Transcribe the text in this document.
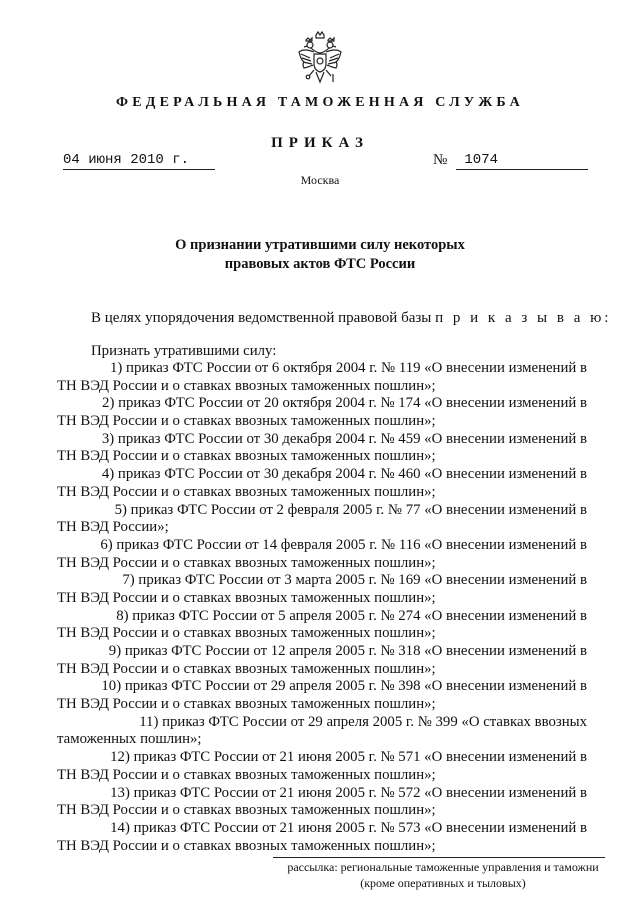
ФЕДЕРАЛЬНАЯ ТАМОЖЕННАЯ СЛУЖБА
ПРИКАЗ
04 июня 2010 г.	№	1074
Москва
О признании утратившими силу некоторых
правовых актов ФТС России
В целях упорядочения ведомственной правовой базы п р и к а з ы в а ю:
Признать утратившими силу:
1) приказ ФТС России от 6 октября 2004 г. № 119 «О внесении изменений в
ТН ВЭД России и о ставках ввозных таможенных пошлин»;
2) приказ ФТС России от 20 октября 2004 г. № 174 «О внесении изменений в
ТН ВЭД России и о ставках ввозных таможенных пошлин»;
3) приказ ФТС России от 30 декабря 2004 г. № 459 «О внесении изменений в
ТН ВЭД России и о ставках ввозных таможенных пошлин»;
4) приказ ФТС России от 30 декабря 2004 г. № 460 «О внесении изменений в
ТН ВЭД России и о ставках ввозных таможенных пошлин»;
5) приказ ФТС России от 2 февраля 2005 г. № 77 «О внесении изменений в
ТН ВЭД России»;
6) приказ ФТС России от 14 февраля 2005 г. № 116 «О внесении изменений в
ТН ВЭД России и о ставках ввозных таможенных пошлин»;
7) приказ ФТС России от 3 марта 2005 г. № 169 «О внесении изменений в
ТН ВЭД России и о ставках ввозных таможенных пошлин»;
8) приказ ФТС России от 5 апреля 2005 г. № 274 «О внесении изменений в
ТН ВЭД России и о ставках ввозных таможенных пошлин»;
9) приказ ФТС России от 12 апреля 2005 г. № 318 «О внесении изменений в
ТН ВЭД России и о ставках ввозных таможенных пошлин»;
10) приказ ФТС России от 29 апреля 2005 г. № 398 «О внесении изменений в
ТН ВЭД России и о ставках ввозных таможенных пошлин»;
11) приказ ФТС России от 29 апреля 2005 г. № 399 «О ставках ввозных
таможенных пошлин»;
12) приказ ФТС России от 21 июня 2005 г. № 571 «О внесении изменений в
ТН ВЭД России и о ставках ввозных таможенных пошлин»;
13) приказ ФТС России от 21 июня 2005 г. № 572 «О внесении изменений в
ТН ВЭД России и о ставках ввозных таможенных пошлин»;
14) приказ ФТС России от 21 июня 2005 г. № 573 «О внесении изменений в
ТН ВЭД России и о ставках ввозных таможенных пошлин»;
рассылка: региональные таможенные управления и таможни
(кроме оперативных и тыловых)
